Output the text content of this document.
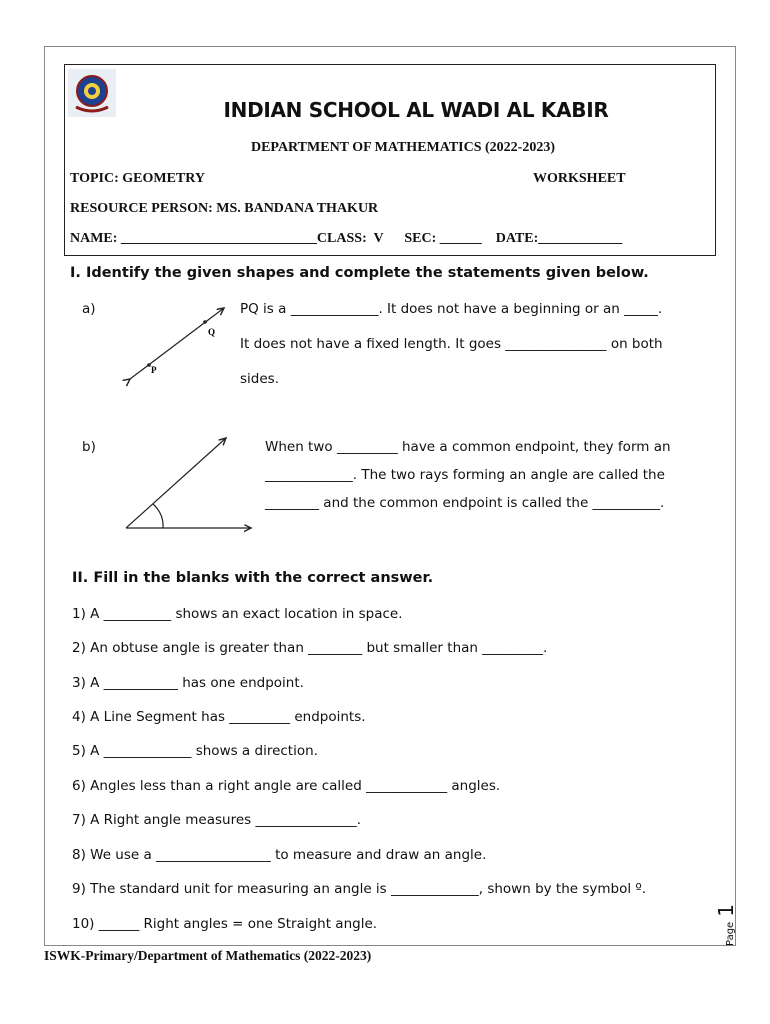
INDIAN SCHOOL AL WADI AL KABIR
DEPARTMENT OF MATHEMATICS (2022-2023)
TOPIC: GEOMETRY	WORKSHEET
RESOURCE PERSON: MS. BANDANA THAKUR
NAME: ____________________________CLASS:  V      SEC: ______    DATE:____________
I. Identify the given shapes and complete the statements given below.
a)	PQ is a _____________. It does not have a beginning or an _____.
It does not have a fixed length. It goes _______________ on both
sides.
P
Q
b)	When two _________ have a common endpoint, they form an
_____________. The two rays forming an angle are called the
________ and the common endpoint is called the __________.
II. Fill in the blanks with the correct answer.
1) A __________ shows an exact location in space.
2) An obtuse angle is greater than ________ but smaller than _________.
3) A ___________ has one endpoint.
4) A Line Segment has _________ endpoints.
5) A _____________ shows a direction.
6) Angles less than a right angle are called ____________ angles.
7) A Right angle measures _______________.
8) We use a _________________ to measure and draw an angle.
9) The standard unit for measuring an angle is _____________, shown by the symbol º.
10) ______ Right angles = one Straight angle.	Page 1
ISWK-Primary/Department of Mathematics (2022-2023)
